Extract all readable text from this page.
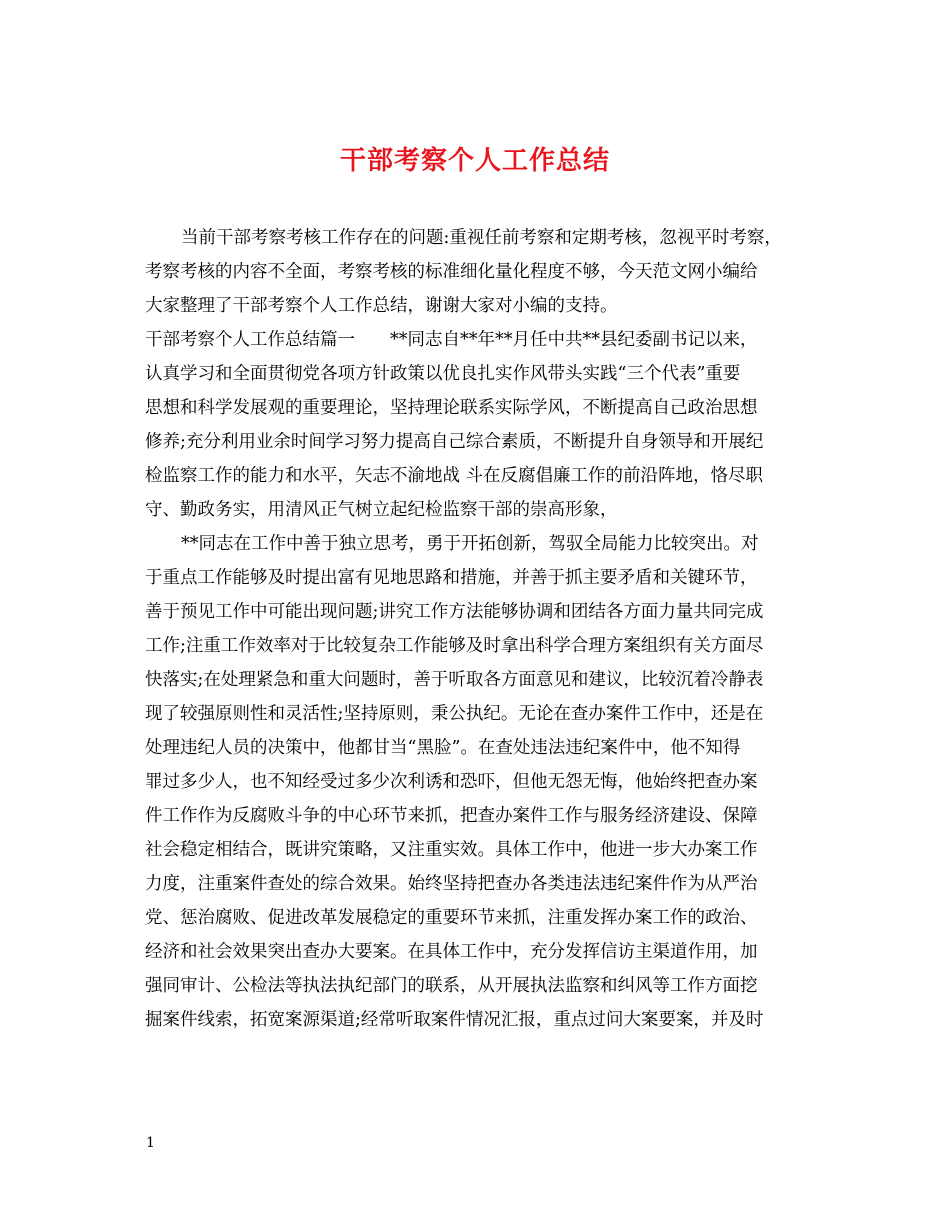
干部考察个人工作总结
当前干部考察考核工作存在的问题:重视任前考察和定期考核，忽视平时考察，
考察考核的内容不全面，考察考核的标准细化量化程度不够，今天范文网小编给
大家整理了干部考察个人工作总结，谢谢大家对小编的支持。
干部考察个人工作总结篇一　　**同志自**年**月任中共**县纪委副书记以来，
认真学习和全面贯彻党各项方针政策以优良扎实作风带头实践“三个代表”重要
思想和科学发展观的重要理论，坚持理论联系实际学风，不断提高自己政治思想
修养;充分利用业余时间学习努力提高自己综合素质，不断提升自身领导和开展纪
检监察工作的能力和水平，矢志不渝地战 斗在反腐倡廉工作的前沿阵地，恪尽职
守、勤政务实，用清风正气树立起纪检监察干部的崇高形象，
**同志在工作中善于独立思考，勇于开拓创新，驾驭全局能力比较突出。对
于重点工作能够及时提出富有见地思路和措施，并善于抓主要矛盾和关键环节，
善于预见工作中可能出现问题;讲究工作方法能够协调和团结各方面力量共同完成
工作;注重工作效率对于比较复杂工作能够及时拿出科学合理方案组织有关方面尽
快落实;在处理紧急和重大问题时，善于听取各方面意见和建议，比较沉着冷静表
现了较强原则性和灵活性;坚持原则，秉公执纪。无论在查办案件工作中，还是在
处理违纪人员的决策中，他都甘当“黑脸”。在查处违法违纪案件中，他不知得
罪过多少人，也不知经受过多少次利诱和恐吓，但他无怨无悔，他始终把查办案
件工作作为反腐败斗争的中心环节来抓，把查办案件工作与服务经济建设、保障
社会稳定相结合，既讲究策略，又注重实效。具体工作中，他进一步大办案工作
力度，注重案件查处的综合效果。始终坚持把查办各类违法违纪案件作为从严治
党、惩治腐败、促进改革发展稳定的重要环节来抓，注重发挥办案工作的政治、
经济和社会效果突出查办大要案。在具体工作中，充分发挥信访主渠道作用，加
强同审计、公检法等执法执纪部门的联系，从开展执法监察和纠风等工作方面挖
掘案件线索，拓宽案源渠道;经常听取案件情况汇报，重点过问大案要案，并及时
1
